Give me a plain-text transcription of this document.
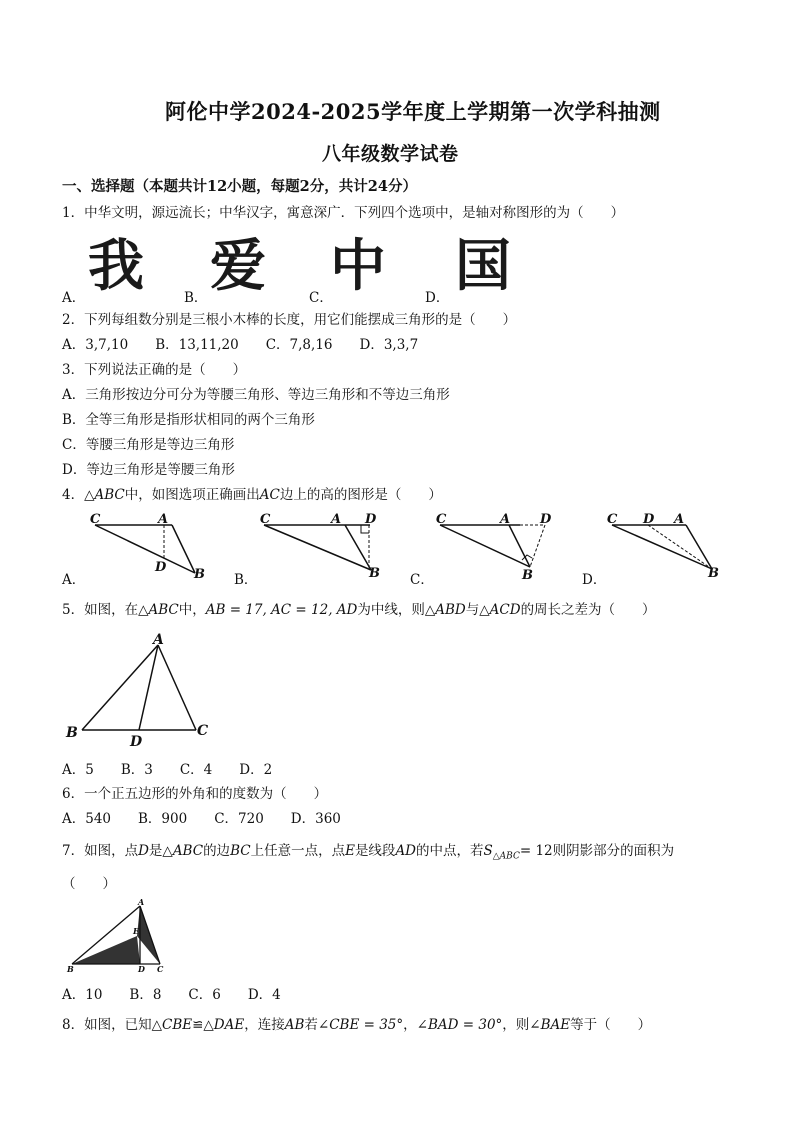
阿伦中学2024-2025学年度上学期第一次学科抽测
八年级数学试卷
一、选择题（本题共计12小题，每题2分，共计24分）
1．中华文明，源远流长；中华汉字，寓意深广．下列四个选项中，是轴对称图形的为（　　）
A． 我	B． 爱	C．
中	D． 国
2．下列每组数分别是三根小木棒的长度，用它们能摆成三角形的是（　　）
A．3,7,10　　B．13,11,20　　C．7,8,16　　D．3,3,7
3．下列说法正确的是（　　）
A．三角形按边分可分为等腰三角形、等边三角形和不等边三角形
B．全等三角形是指形状相同的两个三角形
C．等腰三角形是等边三角形
D．等边三角形是等腰三角形
4．△ABC中，如图选项正确画出AC边上的高的图形是（　　）
C	A
D B
C	A D
B
C	A D
B
C D A
B
A．	B．	C．	D．
5．如图，在△ABC中，AB = 17, AC = 12, AD为中线，则△ABD与△ACD的周长之差为（　　）
A
B	C
D
A．5　　B．3　　C．4　　D．2
6．一个正五边形的外角和的度数为（　　）
A．540　　B．900　　C．720　　D．360
7．如图，点D是△ABC的边BC上任意一点，点E是线段AD的中点，若$S_{\triangle ABC}= 12$则阴影部分的面积为
（　　）
A
E
B	D C
A．10　　B．8　　C．6　　D．4
8．如图，已知△CBE≌△DAE，连接AB若∠CBE = 35°，∠BAD = 30°，则∠BAE等于（　　）
